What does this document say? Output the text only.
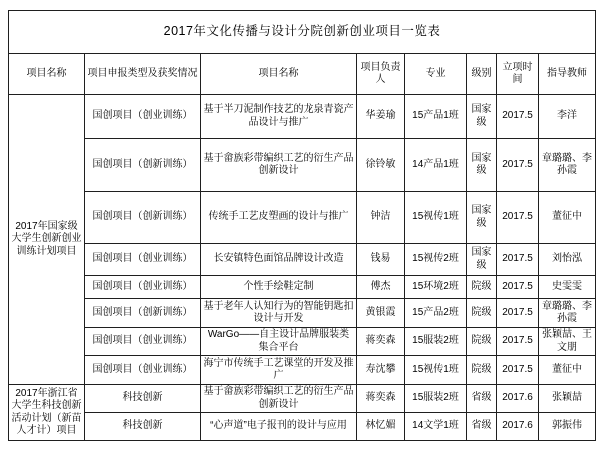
2017年文化传播与设计分院创新创业项目一览表							
项目名称	项目申报类型及获奖情况	项目名称	项目负责人	专业	级别	立项时间	指导教师
2017年国家级大学生创新创业训练计划项目	国创项目（创业训练）	基于半刀泥制作技艺的龙泉青瓷产品设计与推广	华姜瑜	15产品1班	国家级	2017.5	李洋
	国创项目（创新训练）	基于畲族彩带编织工艺的衍生产品创新设计	徐铃敏	14产品1班	国家级	2017.5	章璐璐、李孙霞
	国创项目（创新训练）	传统手工艺皮塑画的设计与推广	钟洁	15视传1班	国家级	2017.5	董征中
	国创项目（创业训练）	长安镇特色面馆品牌设计改造	钱易	15视传2班	国家级	2017.5	刘怡泓
	国创项目（创业训练）	个性手绘鞋定制	傅杰	15环境2班	院级	2017.5	史雯雯
	国创项目（创新训练）	基于老年人认知行为的智能钥匙扣设计与开发	黄银霞	15产品2班	院级	2017.5	章璐璐、李孙霞
	国创项目（创业训练）	WarGo——自主设计品牌服装类集合平台	蒋奕森	15服装2班	院级	2017.5	张颖喆、王文朋
	国创项目（创业训练）	海宁市传统手工艺课堂的开发及推广	寿沈攀	15视传1班	院级	2017.5	董征中
2017年浙江省大学生科技创新活动计划（新苗人才计）项目	科技创新	基于畲族彩带编织工艺的衍生产品创新设计	蒋奕森	15服装2班	省级	2017.6	张颖喆
	科技创新	“心声道”电子报刊的设计与应用	林忆媚	14文学1班	省级	2017.6	郭振伟
